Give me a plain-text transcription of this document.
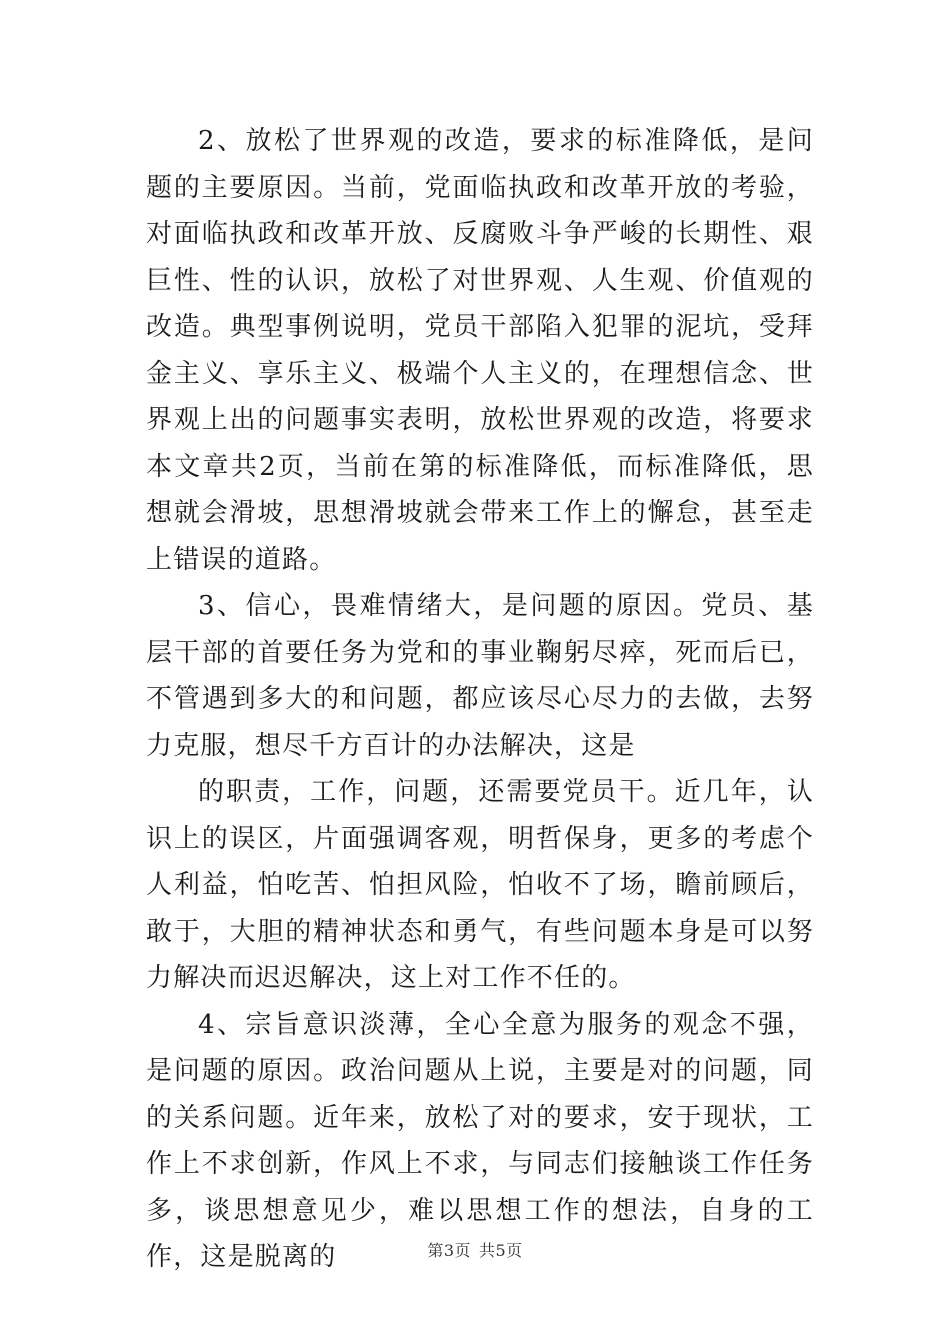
2、放松了世界观的改造，要求的标准降低，是问题的主要原因。当前，党面临执政和改革开放的考验，对面临执政和改革开放、反腐败斗争严峻的长期性、艰巨性、性的认识，放松了对世界观、人生观、价值观的改造。典型事例说明，党员干部陷入犯罪的泥坑，受拜金主义、享乐主义、极端个人主义的，在理想信念、世界观上出的问题事实表明，放松世界观的改造，将要求本文章共2页，当前在第的标准降低，而标准降低，思想就会滑坡，思想滑坡就会带来工作上的懈怠，甚至走上错误的道路。

3、信心，畏难情绪大，是问题的原因。党员、基层干部的首要任务为党和的事业鞠躬尽瘁，死而后已，不管遇到多大的和问题，都应该尽心尽力的去做，去努力克服，想尽千方百计的办法解决，这是

的职责，工作，问题，还需要党员干。近几年，认识上的误区，片面强调客观，明哲保身，更多的考虑个人利益，怕吃苦、怕担风险，怕收不了场，瞻前顾后，敢于，大胆的精神状态和勇气，有些问题本身是可以努力解决而迟迟解决，这上对工作不任的。

4、宗旨意识淡薄，全心全意为服务的观念不强，是问题的原因。政治问题从上说，主要是对的问题，同的关系问题。近年来，放松了对的要求，安于现状，工作上不求创新，作风上不求，与同志们接触谈工作任务多，谈思想意见少，难以思想工作的想法，自身的工作，这是脱离的	第3页 共5页
